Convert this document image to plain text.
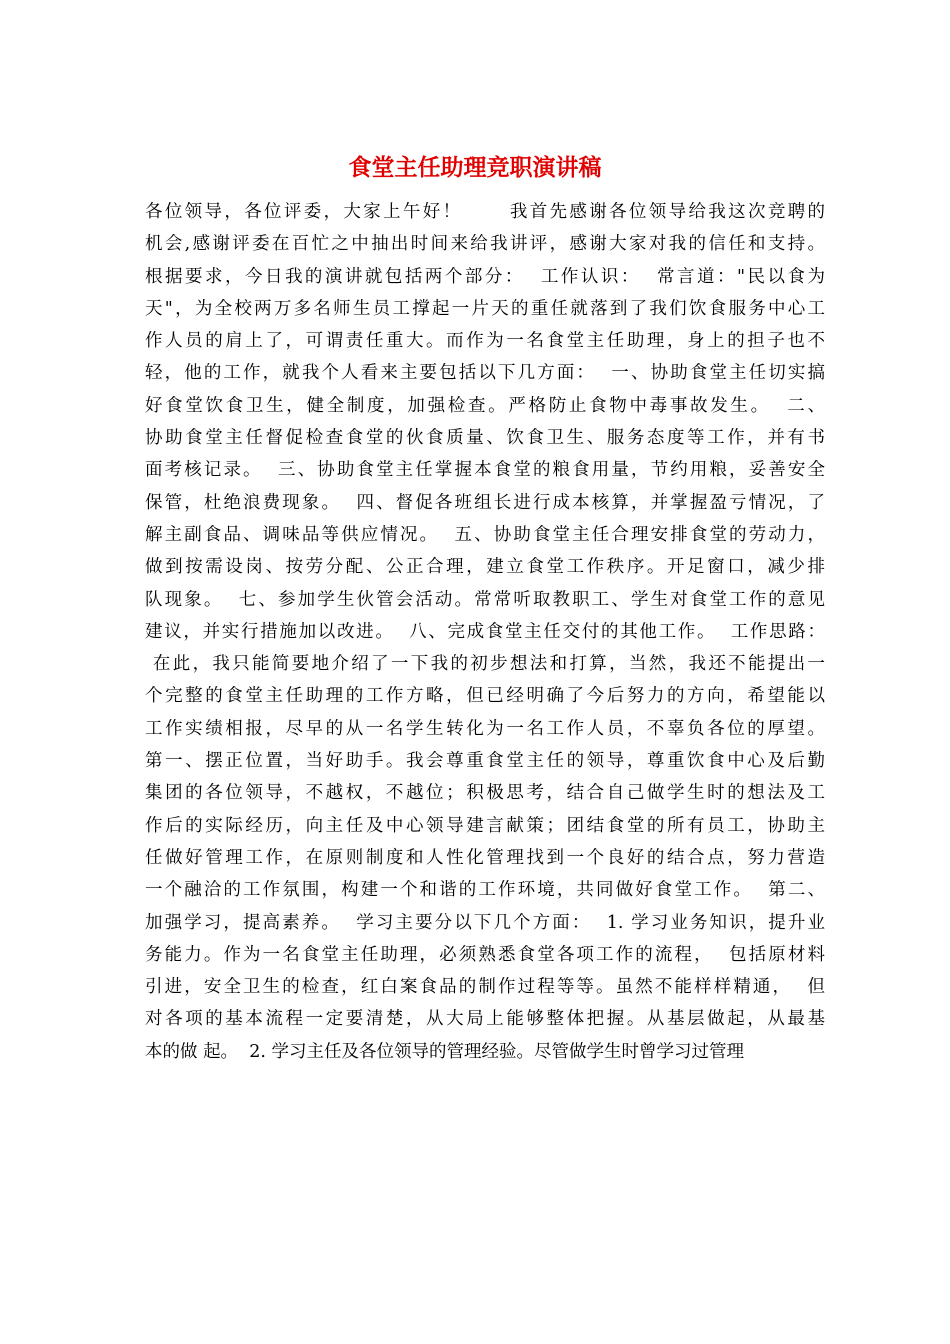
食堂主任助理竞职演讲稿
各位领导，各位评委，大家上午好！      我首先感谢各位领导给我这次竞聘的
机会,感谢评委在百忙之中抽出时间来给我讲评，感谢大家对我的信任和支持。
根据要求，今日我的演讲就包括两个部分：  工作认识：  常言道："民以食为
天"，为全校两万多名师生员工撑起一片天的重任就落到了我们饮食服务中心工
作人员的肩上了，可谓责任重大。而作为一名食堂主任助理，身上的担子也不
轻，他的工作，就我个人看来主要包括以下几方面：  一、协助食堂主任切实搞
好食堂饮食卫生，健全制度，加强检查。严格防止食物中毒事故发生。  二、
协助食堂主任督促检查食堂的伙食质量、饮食卫生、服务态度等工作，并有书
面考核记录。  三、协助食堂主任掌握本食堂的粮食用量，节约用粮，妥善安全
保管，杜绝浪费现象。  四、督促各班组长进行成本核算，并掌握盈亏情况，了
解主副食品、调味品等供应情况。  五、协助食堂主任合理安排食堂的劳动力，
做到按需设岗、按劳分配、公正合理，建立食堂工作秩序。开足窗口，减少排
队现象。  七、参加学生伙管会活动。常常听取教职工、学生对食堂工作的意见
建议，并实行措施加以改进。  八、完成食堂主任交付的其他工作。  工作思路：
在此，我只能简要地介绍了一下我的初步想法和打算，当然，我还不能提出一
个完整的食堂主任助理的工作方略，但已经明确了今后努力的方向，希望能以
工作实绩相报，尽早的从一名学生转化为一名工作人员，不辜负各位的厚望。
第一、摆正位置，当好助手。我会尊重食堂主任的领导，尊重饮食中心及后勤
集团的各位领导，不越权，不越位；积极思考，结合自己做学生时的想法及工
作后的实际经历，向主任及中心领导建言献策；团结食堂的所有员工，协助主
任做好管理工作，在原则制度和人性化管理找到一个良好的结合点，努力营造
一个融洽的工作氛围，构建一个和谐的工作环境，共同做好食堂工作。  第二、
加强学习，提高素养。  学习主要分以下几个方面：  1. 学习业务知识，提升业
务能力。作为一名食堂主任助理，必须熟悉食堂各项工作的流程，  包括原材料
引进，安全卫生的检查，红白案食品的制作过程等等。虽然不能样样精通，  但
对各项的基本流程一定要清楚，从大局上能够整体把握。从基层做起，从最基
本的做 起。  2. 学习主任及各位领导的管理经验。尽管做学生时曾学习过管理
